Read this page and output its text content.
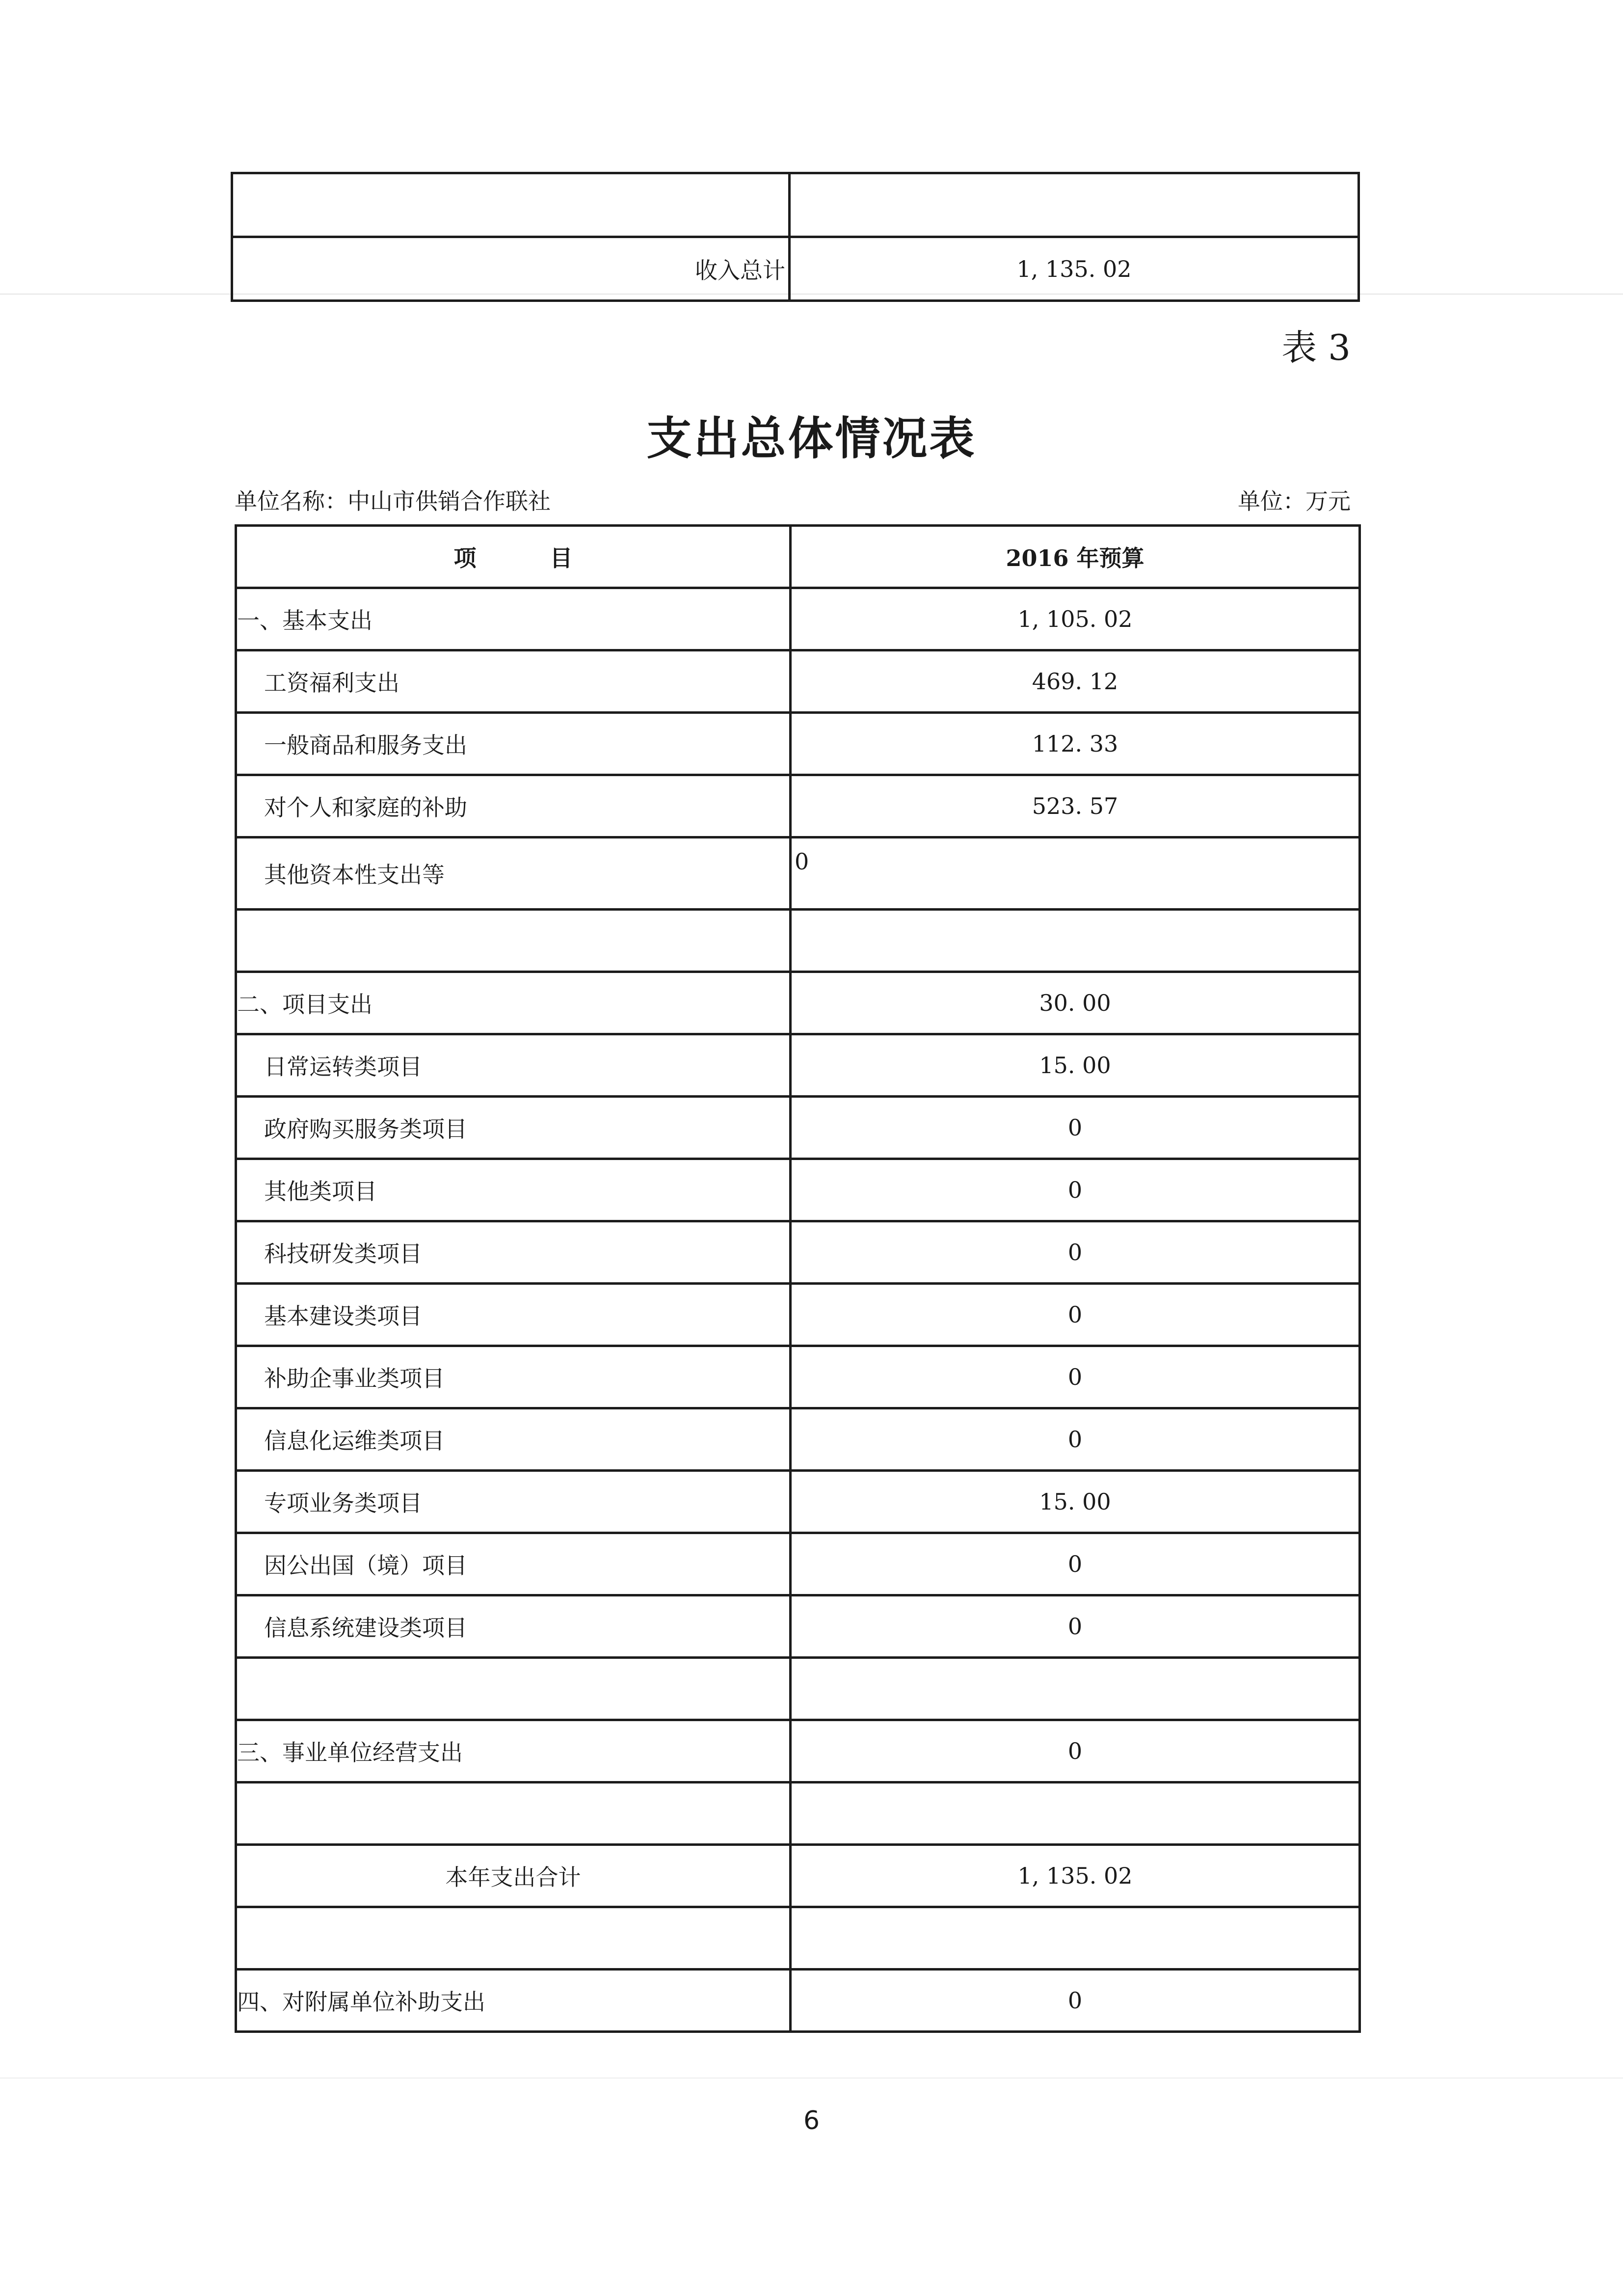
收入总计	1, 135. 02
表 3
支出总体情况表
单位名称：中山市供销合作联社	单位：万元
项 目	2016 年预算
一、基本支出	1, 105. 02
工资福利支出	469. 12
一般商品和服务支出	112. 33
对个人和家庭的补助	523. 57
其他资本性支出等	0

二、项目支出	30. 00
日常运转类项目	15. 00
政府购买服务类项目	0
其他类项目	0
科技研发类项目	0
基本建设类项目	0
补助企事业类项目	0
信息化运维类项目	0
专项业务类项目	15. 00
因公出国（境）项目	0
信息系统建设类项目	0

三、事业单位经营支出	0

本年支出合计	1, 135. 02

四、对附属单位补助支出	0
6
